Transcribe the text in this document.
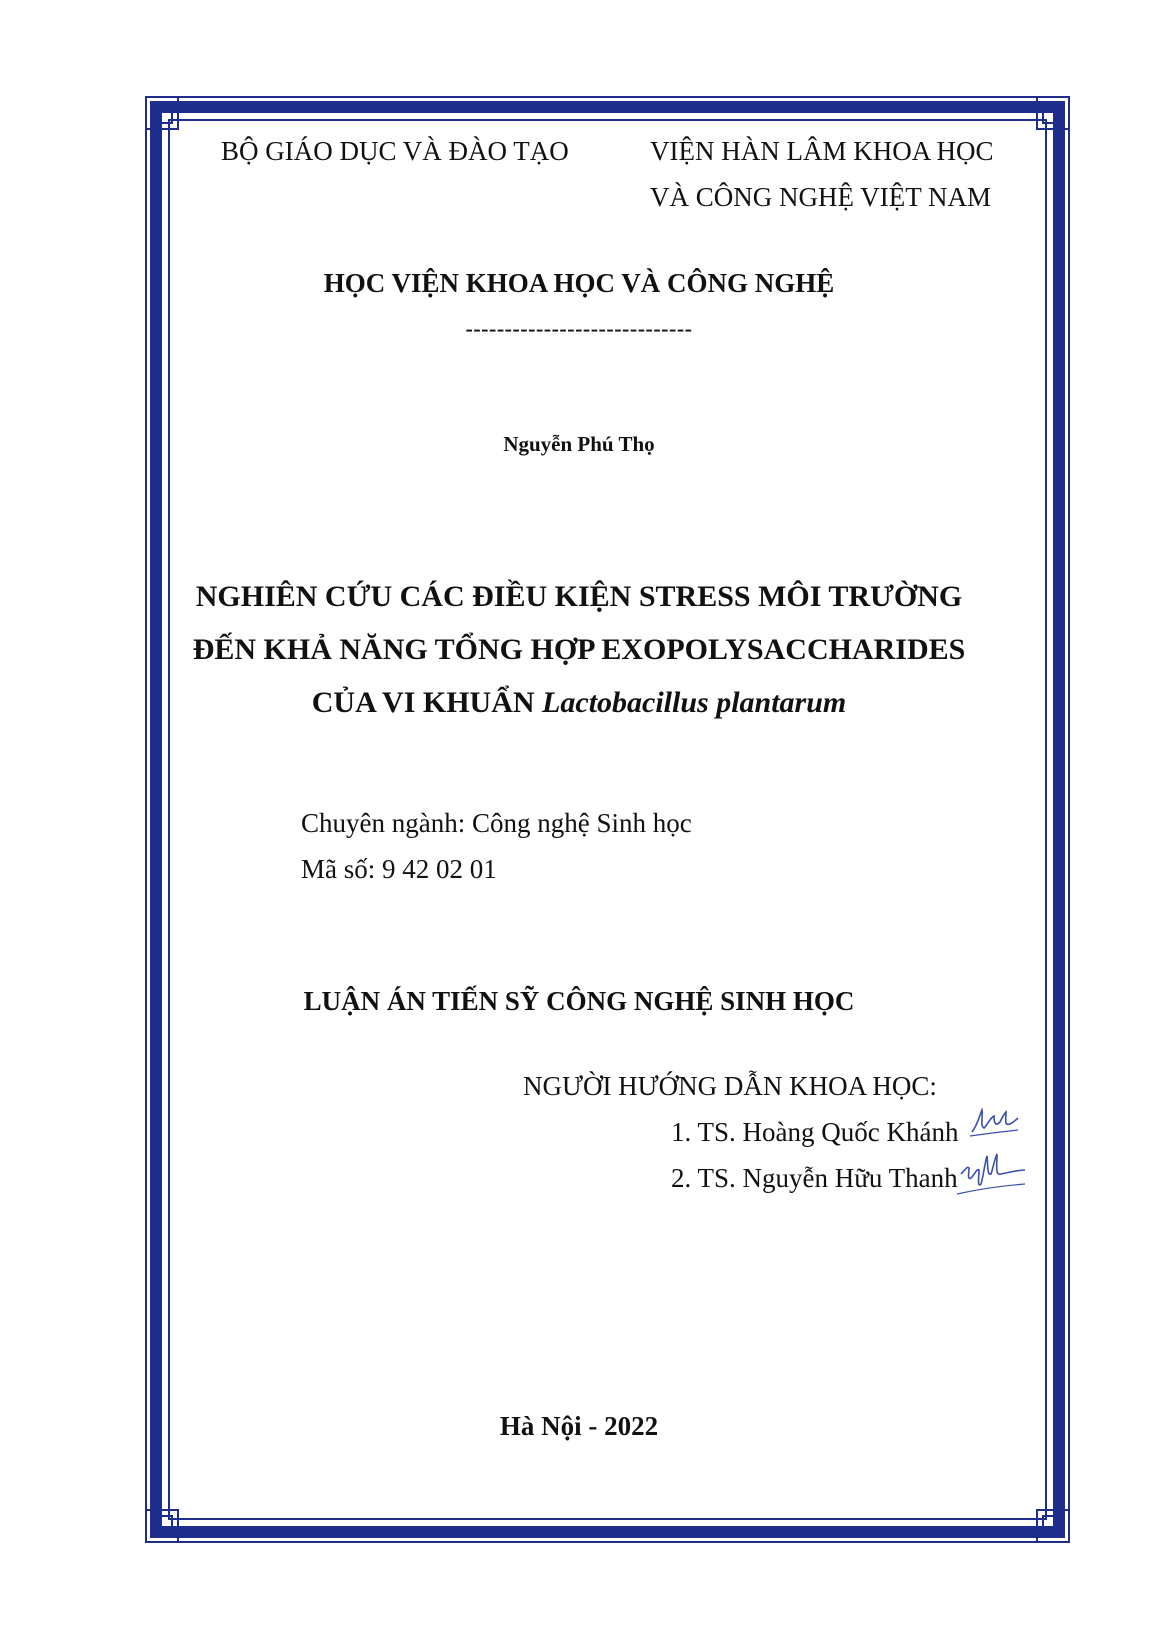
BỘ GIÁO DỤC VÀ ĐÀO TẠO	VIỆN HÀN LÂM KHOA HỌC
VÀ CÔNG NGHỆ VIỆT NAM
HỌC VIỆN KHOA HỌC VÀ CÔNG NGHỆ
-----------------------------
Nguyễn Phú Thọ
NGHIÊN CỨU CÁC ĐIỀU KIỆN STRESS MÔI TRƯỜNG
ĐẾN KHẢ NĂNG TỔNG HỢP EXOPOLYSACCHARIDES
CỦA VI KHUẨN Lactobacillus plantarum
Chuyên ngành: Công nghệ Sinh học
Mã số: 9 42 02 01
LUẬN ÁN TIẾN SỸ CÔNG NGHỆ SINH HỌC
NGƯỜI HƯỚNG DẪN KHOA HỌC:
1. TS. Hoàng Quốc Khánh
2. TS. Nguyễn Hữu Thanh
Hà Nội - 2022
